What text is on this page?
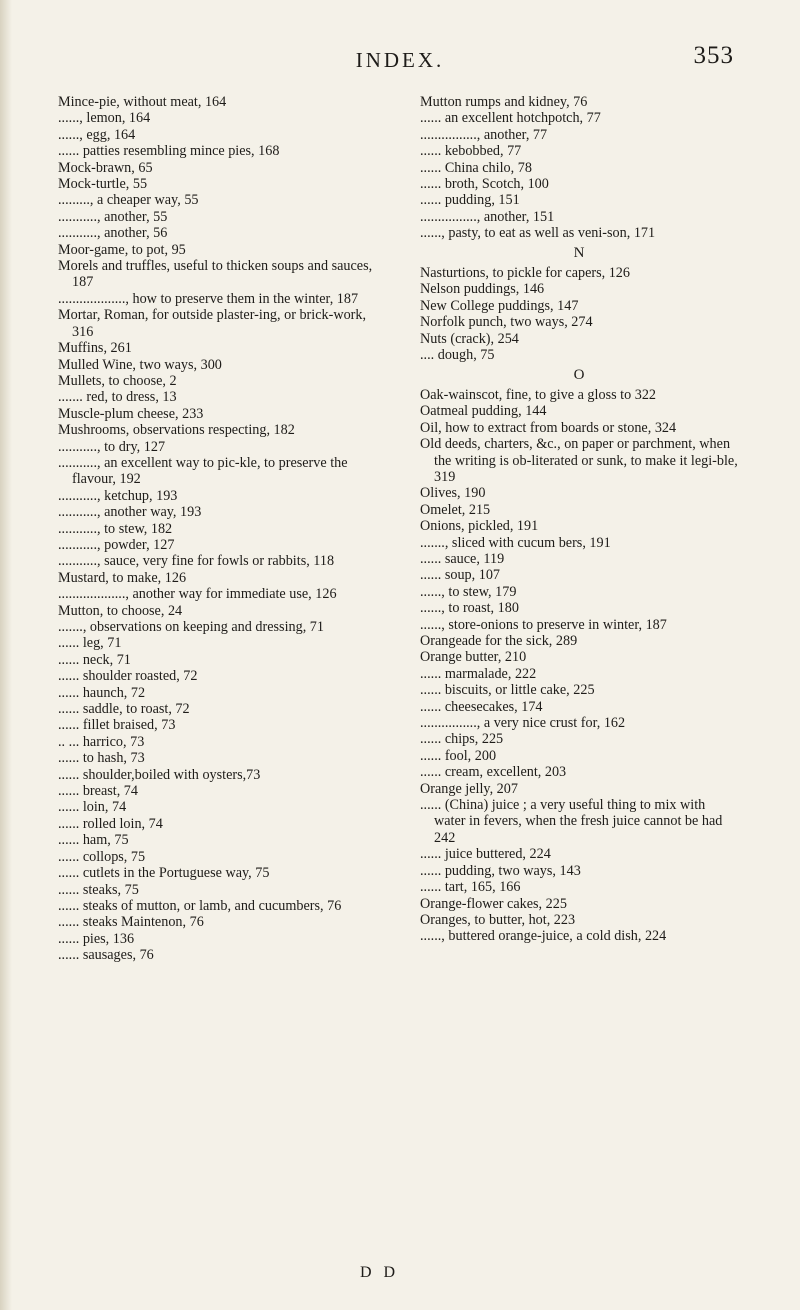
INDEX.	353

Mince-pie, without meat, 164

......, lemon, 164

......, egg, 164

...... patties resembling mince pies, 168

Mock-brawn, 65

Mock-turtle, 55

........., a cheaper way, 55

..........., another, 55

..........., another, 56

Moor-game, to pot, 95

Morels and truffles, useful to thicken soups and sauces, 187

..................., how to preserve them in the winter, 187

Mortar, Roman, for outside plaster-ing, or brick-work, 316

Muffins, 261

Mulled Wine, two ways, 300

Mullets, to choose, 2

....... red, to dress, 13

Muscle-plum cheese, 233

Mushrooms, observations respecting, 182

..........., to dry, 127

..........., an excellent way to pic-kle, to preserve the flavour, 192

..........., ketchup, 193

..........., another way, 193

..........., to stew, 182

..........., powder, 127

..........., sauce, very fine for fowls or rabbits, 118

Mustard, to make, 126

..................., another way for immediate use, 126

Mutton, to choose, 24

......., observations on keeping and dressing, 71

...... leg, 71

...... neck, 71

...... shoulder roasted, 72

...... haunch, 72

...... saddle, to roast, 72

...... fillet braised, 73

.. ... harrico, 73

...... to hash, 73

...... shoulder,boiled with oysters,73

...... breast, 74

...... loin, 74

...... rolled loin, 74

...... ham, 75

...... collops, 75

...... cutlets in the Portuguese way, 75

...... steaks, 75

...... steaks of mutton, or lamb, and cucumbers, 76

...... steaks Maintenon, 76

...... pies, 136

...... sausages, 76

Mutton rumps and kidney, 76

...... an excellent hotchpotch, 77

................, another, 77

...... kebobbed, 77

...... China chilo, 78

...... broth, Scotch, 100

...... pudding, 151

................, another, 151

......, pasty, to eat as well as veni-son, 171

N

Nasturtions, to pickle for capers, 126

Nelson puddings, 146

New College puddings, 147

Norfolk punch, two ways, 274

Nuts (crack), 254

.... dough, 75

O

Oak-wainscot, fine, to give a gloss to 322

Oatmeal pudding, 144

Oil, how to extract from boards or stone, 324

Old deeds, charters, &c., on paper or parchment, when the writing is ob-literated or sunk, to make it legi-ble, 319

Olives, 190

Omelet, 215

Onions, pickled, 191

......., sliced with cucum bers, 191

...... sauce, 119

...... soup, 107

......, to stew, 179

......, to roast, 180

......, store-onions to preserve in winter, 187

Orangeade for the sick, 289

Orange butter, 210

...... marmalade, 222

...... biscuits, or little cake, 225

...... cheesecakes, 174

................, a very nice crust for, 162

...... chips, 225

...... fool, 200

...... cream, excellent, 203

Orange jelly, 207

...... (China) juice ; a very useful thing to mix with water in fevers, when the fresh juice cannot be had 242

...... juice buttered, 224

...... pudding, two ways, 143

...... tart, 165, 166

Orange-flower cakes, 225

Oranges, to butter, hot, 223

......, buttered orange-juice, a cold dish, 224

D D
